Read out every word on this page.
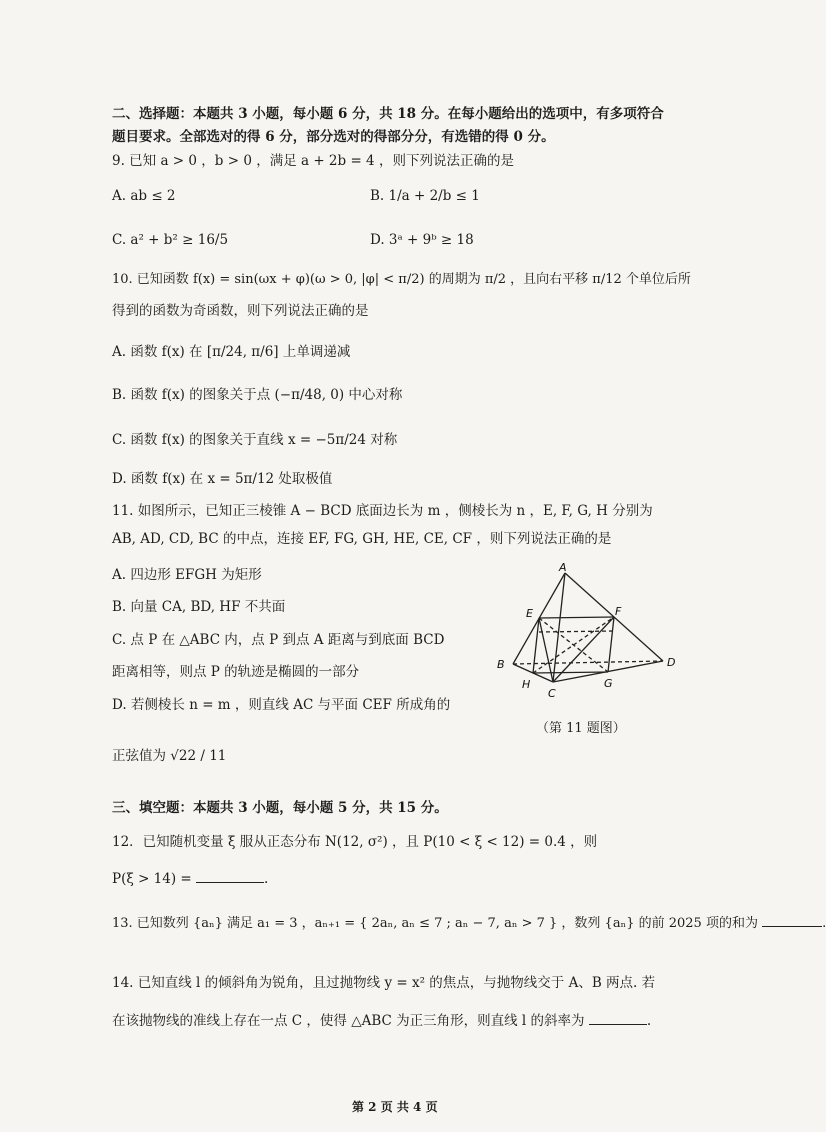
二、选择题：本题共 3 小题，每小题 6 分，共 18 分。在每小题给出的选项中，有多项符合
题目要求。全部选对的得 6 分，部分选对的得部分分，有选错的得 0 分。
9. 已知 a > 0 ，b > 0 ，满足 a + 2b = 4 ，则下列说法正确的是
A. ab ≤ 2	B. 1/a + 2/b ≤ 1
C. a² + b² ≥ 16/5	D. 3ᵃ + 9ᵇ ≥ 18
10. 已知函数 f(x) = sin(ωx + φ)(ω > 0, |φ| < π/2) 的周期为 π/2 ，且向右平移 π/12 个单位后所
得到的函数为奇函数，则下列说法正确的是
A. 函数 f(x) 在 [π/24, π/6] 上单调递减
B. 函数 f(x) 的图象关于点 (−π/48, 0) 中心对称
C. 函数 f(x) 的图象关于直线 x = −5π/24 对称
D. 函数 f(x) 在 x = 5π/12 处取极值
11. 如图所示，已知正三棱锥 A − BCD 底面边长为 m ，侧棱长为 n ，E, F, G, H 分别为
AB, AD, CD, BC 的中点，连接 EF, FG, GH, HE, CE, CF ，则下列说法正确的是
A. 四边形 EFGH 为矩形
B. 向量 CA, BD, HF 不共面
C. 点 P 在 △ABC 内，点 P 到点 A 距离与到底面 BCD
距离相等，则点 P 的轨迹是椭圆的一部分
D. 若侧棱长 n = m ，则直线 AC 与平面 CEF 所成角的
正弦值为 √22 / 11
A
B
C
D
E	F
G
H
（第 11 题图）
三、填空题：本题共 3 小题，每小题 5 分，共 15 分。
12．已知随机变量 ξ 服从正态分布 N(12, σ²) ，且 P(10 < ξ < 12) = 0.4 ，则
P(ξ > 14) =	.
13. 已知数列 {aₙ} 满足 a₁ = 3 ，aₙ₊₁ = { 2aₙ, aₙ ≤ 7 ; aₙ − 7, aₙ > 7 } ，数列 {aₙ} 的前 2025 项的和为	.
14. 已知直线 l 的倾斜角为锐角，且过抛物线 y = x² 的焦点，与抛物线交于 A、B 两点. 若
在该抛物线的准线上存在一点 C ，使得 △ABC 为正三角形，则直线 l 的斜率为	.
第 2 页 共 4 页
